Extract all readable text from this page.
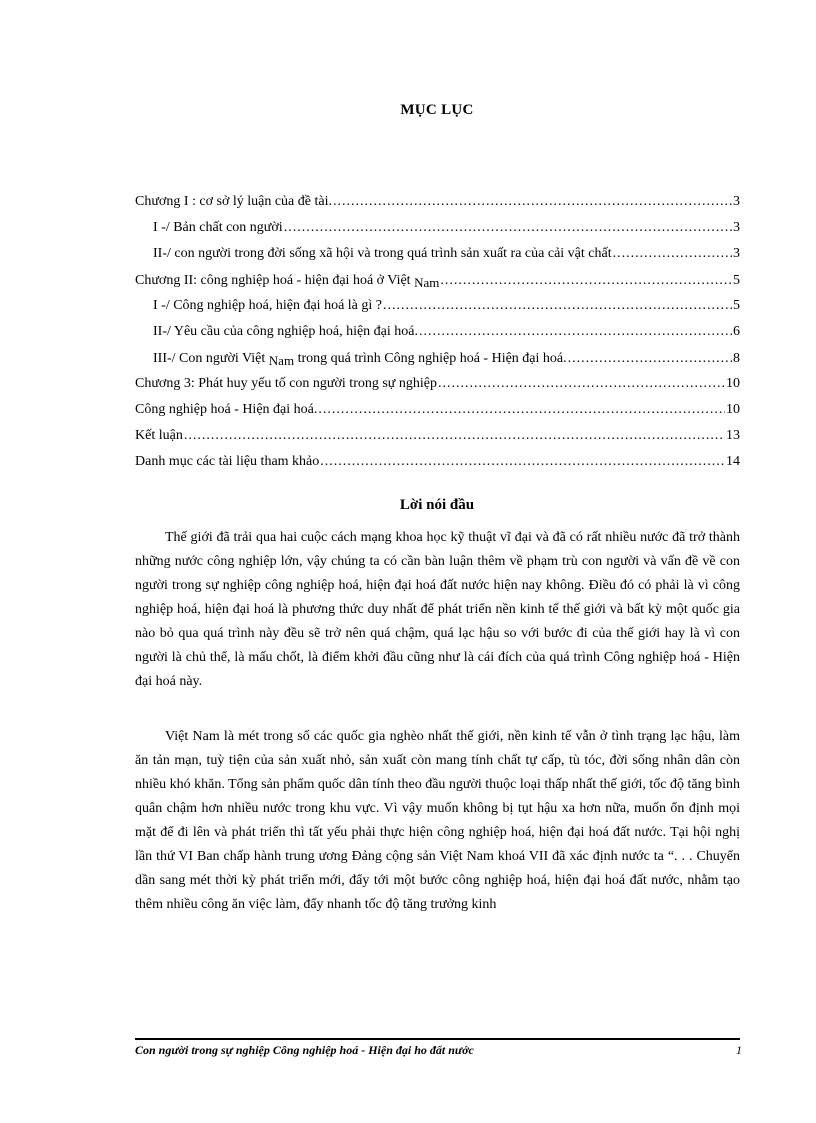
MỤC LỤC
Chương I : cơ sở lý luận của đề tài. .....	3
I -/ Bản chất con người .....	3
II-/ con người trong đời sống xã hội và trong quá trình sản xuất ra của cải vật chất .....	3
Chương II: công nghiệp hoá - hiện đại hoá ở Việt Nam .....	5
I -/ Công nghiệp hoá, hiện đại hoá là gì ? .....	5
II-/ Yêu cầu của công nghiệp hoá, hiện đại hoá. .....	6
III-/ Con người Việt Nam trong quá trình Công nghiệp hoá - Hiện đại hoá. .....	8
Chương 3: Phát huy yếu tố con người trong sự nghiệp .....	10
Công nghiệp hoá - Hiện đại hoá. .....	10
Kết luận .....	13
Danh mục các tài liệu tham khảo .....	14
Lời nói đầu

Thế giới đã trải qua hai cuộc cách mạng khoa học kỹ thuật vĩ đại và đã có rất nhiều nước đã trở thành những nước công nghiệp lớn, vậy chúng ta có cần bàn luận thêm về phạm trù con người và vấn đề về con người trong sự nghiệp công nghiệp hoá, hiện đại hoá đất nước hiện nay không. Điều đó có phải là vì công nghiệp hoá, hiện đại hoá là phương thức duy nhất để phát triển nền kinh tế thế giới và bất kỳ một quốc gia nào bỏ qua quá trình này đều sẽ trở nên quá chậm, quá lạc hậu so với bước đi của thế giới hay là vì con người là chủ thể, là mấu chốt, là điểm khởi đầu cũng như là cái đích của quá trình Công nghiệp hoá - Hiện đại hoá này.

Việt Nam là mét trong số các quốc gia nghèo nhất thế giới, nền kinh tế vẫn ở tình trạng lạc hậu, làm ăn tản mạn, tuỳ tiện của sản xuất nhỏ, sản xuất còn mang tính chất tự cấp, tù tóc, đời sống nhân dân còn nhiều khó khăn. Tổng sản phẩm quốc dân tính theo đầu người thuộc loại thấp nhất thế giới, tốc độ tăng bình quân chậm hơn nhiều nước trong khu vực. Vì vậy muốn không bị tụt hậu xa hơn nữa, muốn ổn định mọi mặt để đi lên và phát triển thì tất yếu phải thực hiện công nghiệp hoá, hiện đại hoá đất nước. Tại hội nghị lần thứ VI Ban chấp hành trung ương Đảng cộng sản Việt Nam khoá VII đã xác định nước ta “. . . Chuyển dần sang mét thời kỳ phát triển mới, đẩy tới một bước công nghiệp hoá, hiện đại hoá đất nước, nhằm tạo thêm nhiều công ăn việc làm, đẩy nhanh tốc độ tăng trưởng kinh

Con người trong sự nghiệp Công nghiệp hoá - Hiện đại ho đất nước	1
